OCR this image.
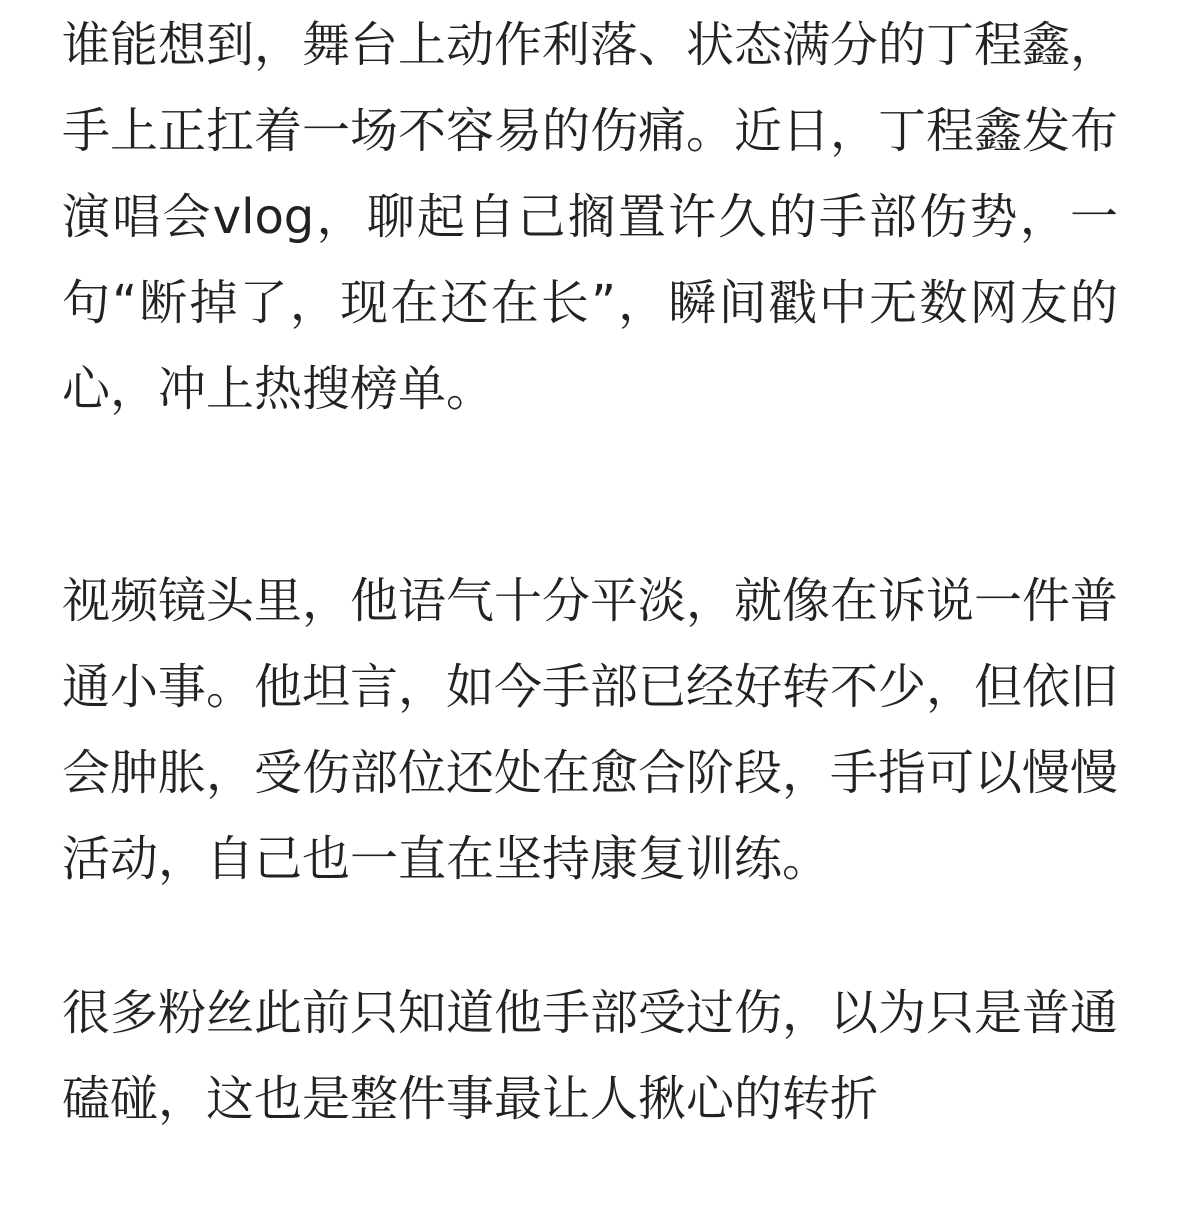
谁能想到，舞台上动作利落、状态满分的丁程鑫，手上正扛着一场不容易的伤痛。近日，丁程鑫发布演唱会vlog，聊起自己搁置许久的手部伤势，一句“断掉了，现在还在长”，瞬间戳中无数网友的心，冲上热搜榜单。

视频镜头里，他语气十分平淡，就像在诉说一件普通小事。他坦言，如今手部已经好转不少，但依旧会肿胀，受伤部位还处在愈合阶段，手指可以慢慢活动，自己也一直在坚持康复训练。

很多粉丝此前只知道他手部受过伤，以为只是普通磕碰，这也是整件事最让人揪心的转折
